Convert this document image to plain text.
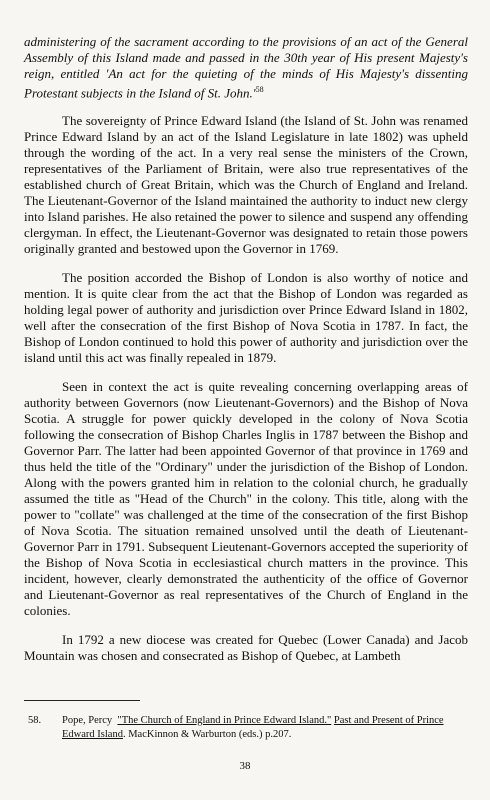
administering of the sacrament according to the provisions of an act of the General Assembly of this Island made and passed in the 30th year of His present Majesty's reign, entitled 'An act for the quieting of the minds of His Majesty's dissenting Protestant subjects in the Island of St. $John.'^{58}$

The sovereignty of Prince Edward Island (the Island of St. John was renamed Prince Edward Island by an act of the Island Legislature in late 1802) was upheld through the wording of the act. In a very real sense the ministers of the Crown, representatives of the Parliament of Britain, were also true representatives of the established church of Great Britain, which was the Church of England and Ireland. The Lieutenant-Governor of the Island maintained the authority to induct new clergy into Island parishes. He also retained the power to silence and suspend any offending clergyman. In effect, the Lieutenant-Governor was designated to retain those powers originally granted and bestowed upon the Governor in 1769.

The position accorded the Bishop of London is also worthy of notice and mention. It is quite clear from the act that the Bishop of London was regarded as holding legal power of authority and jurisdiction over Prince Edward Island in 1802, well after the consecration of the first Bishop of Nova Scotia in 1787. In fact, the Bishop of London continued to hold this power of authority and jurisdiction over the island until this act was finally repealed in 1879.

Seen in context the act is quite revealing concerning overlapping areas of authority between Governors (now Lieutenant-Governors) and the Bishop of Nova Scotia. A struggle for power quickly developed in the colony of Nova Scotia following the consecration of Bishop Charles Inglis in 1787 between the Bishop and Governor Parr. The latter had been appointed Governor of that province in 1769 and thus held the title of the "Ordinary" under the jurisdiction of the Bishop of London. Along with the powers granted him in relation to the colonial church, he gradually assumed the title as "Head of the Church" in the colony. This title, along with the power to "collate" was challenged at the time of the consecration of the first Bishop of Nova Scotia. The situation remained unsolved until the death of Lieutenant-Governor Parr in 1791. Subsequent Lieutenant-Governors accepted the superiority of the Bishop of Nova Scotia in ecclesiastical church matters in the province. This incident, however, clearly demonstrated the authenticity of the office of Governor and Lieutenant-Governor as real representatives of the Church of England in the colonies.

In 1792 a new diocese was created for Quebec (Lower Canada) and Jacob Mountain was chosen and consecrated as Bishop of Quebec, at Lambeth

58.	Pope, Percy "The Church of England in Prince Edward Island." Past and Present of Prince Edward Island. MacKinnon & Warburton (eds.) p.207.
38
